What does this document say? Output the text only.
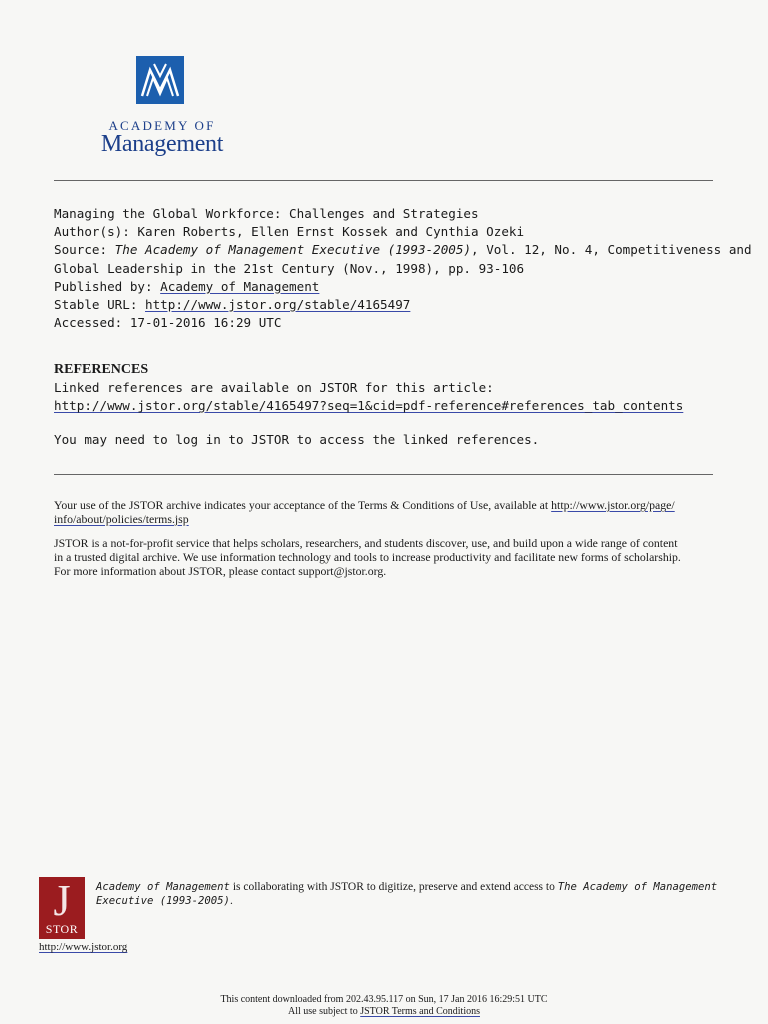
ACADEMY OF
Management
Managing the Global Workforce: Challenges and Strategies
Author(s): Karen Roberts, Ellen Ernst Kossek and Cynthia Ozeki
Source: The Academy of Management Executive (1993-2005), Vol. 12, No. 4, Competitiveness and
Global Leadership in the 21st Century (Nov., 1998), pp. 93-106
Published by: Academy of Management
Stable URL: http://www.jstor.org/stable/4165497
Accessed: 17-01-2016 16:29 UTC
REFERENCES
Linked references are available on JSTOR for this article:
http://www.jstor.org/stable/4165497?seq=1&cid=pdf-reference#references_tab_contents
You may need to log in to JSTOR to access the linked references.

Your use of the JSTOR archive indicates your acceptance of the Terms & Conditions of Use, available at http://www.jstor.org/page/
info/about/policies/terms.jsp

JSTOR is a not-for-profit service that helps scholars, researchers, and students discover, use, and build upon a wide range of content
in a trusted digital archive. We use information technology and tools to increase productivity and facilitate new forms of scholarship.
For more information about JSTOR, please contact support@jstor.org.

J
STOR
http://www.jstor.org
Academy of Management is collaborating with JSTOR to digitize, preserve and extend access to The Academy of Management
Executive (1993-2005).
This content downloaded from 202.43.95.117 on Sun, 17 Jan 2016 16:29:51 UTC
All use subject to JSTOR Terms and Conditions
